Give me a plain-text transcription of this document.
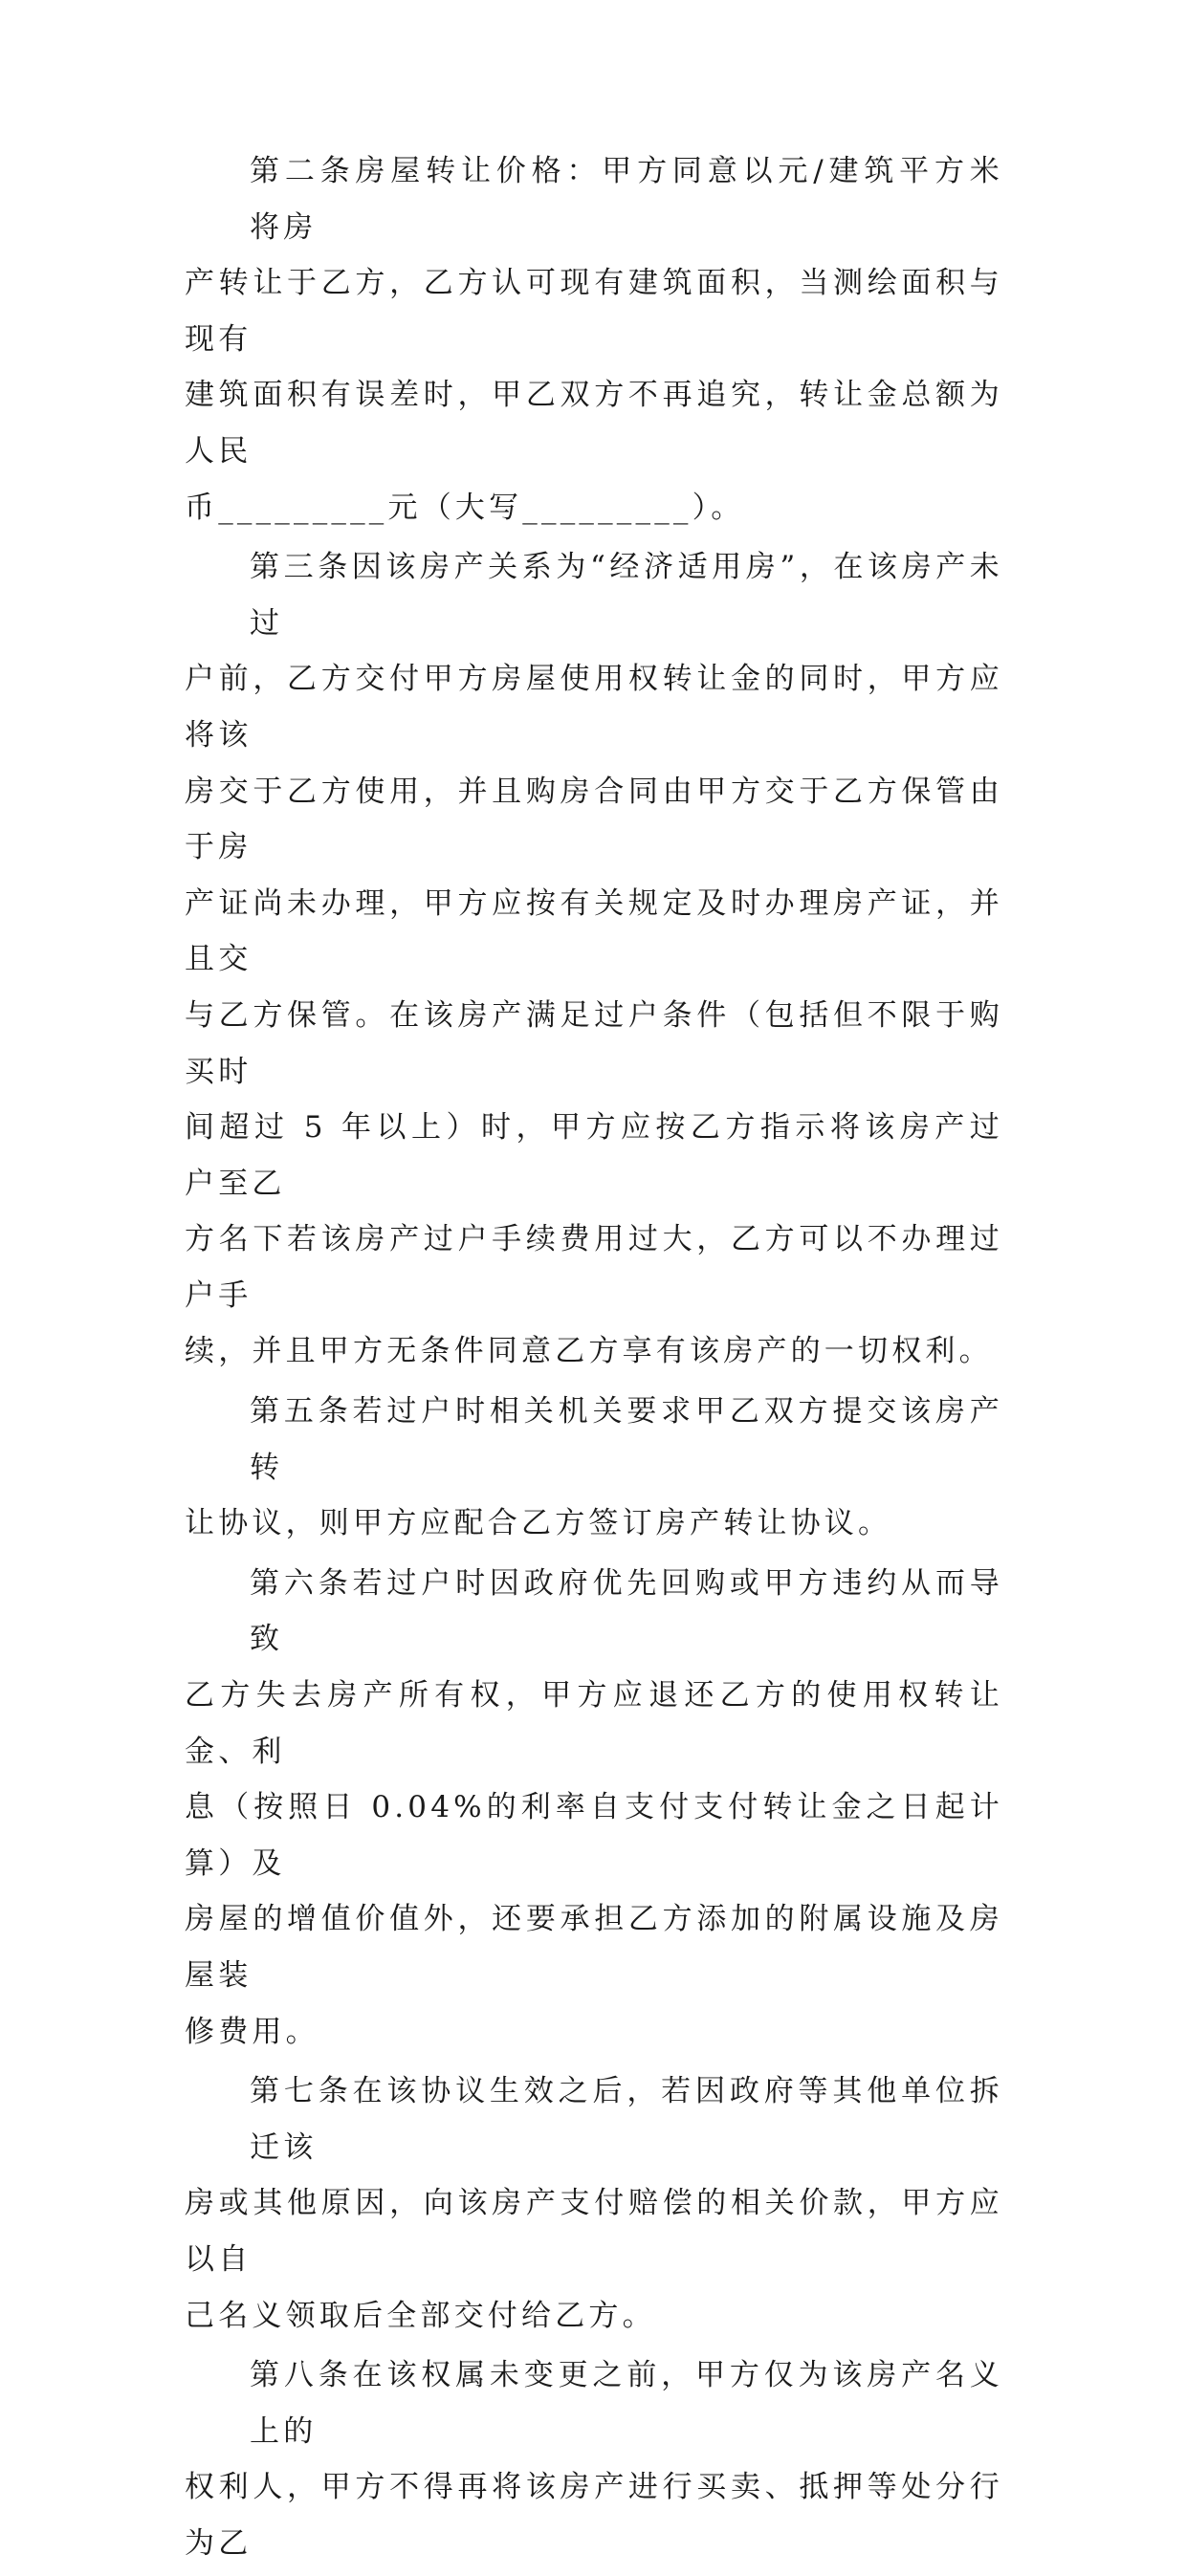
第二条房屋转让价格：甲方同意以元/建筑平方米将房
产转让于乙方，乙方认可现有建筑面积，当测绘面积与现有
建筑面积有误差时，甲乙双方不再追究，转让金总额为人民
币_________元（大写_________）。
第三条因该房产关系为“经济适用房”，在该房产未过
户前，乙方交付甲方房屋使用权转让金的同时，甲方应将该
房交于乙方使用，并且购房合同由甲方交于乙方保管由于房
产证尚未办理，甲方应按有关规定及时办理房产证，并且交
与乙方保管。在该房产满足过户条件（包括但不限于购买时
间超过 5 年以上）时，甲方应按乙方指示将该房产过户至乙
方名下若该房产过户手续费用过大，乙方可以不办理过户手
续，并且甲方无条件同意乙方享有该房产的一切权利。
第五条若过户时相关机关要求甲乙双方提交该房产转
让协议，则甲方应配合乙方签订房产转让协议。
第六条若过户时因政府优先回购或甲方违约从而导致
乙方失去房产所有权，甲方应退还乙方的使用权转让金、利
息（按照日 0.04%的利率自支付支付转让金之日起计算）及
房屋的增值价值外，还要承担乙方添加的附属设施及房屋装
修费用。
第七条在该协议生效之后，若因政府等其他单位拆迁该
房或其他原因，向该房产支付赔偿的相关价款，甲方应以自
己名义领取后全部交付给乙方。
第八条在该权属未变更之前，甲方仅为该房产名义上的
权利人，甲方不得再将该房产进行买卖、抵押等处分行为乙
